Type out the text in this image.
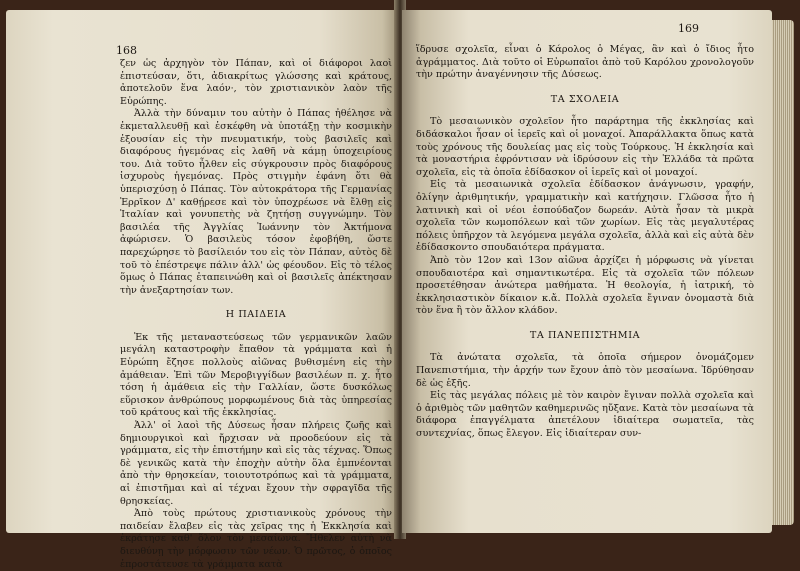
168

ζεν ὡς ἀρχηγὸν τὸν Πάπαν, καὶ οἱ διάφοροι λαοὶ ἐπιστεύσαν, ὅτι, ἀδιακρίτως γλώσσης καὶ κράτους, ἀποτελοῦν ἕνα λαόν·, τὸν χριστιανικὸν λαὸν τῆς Εὐρώπης.

Ἀλλὰ τὴν δύναμιν του αὐτὴν ὁ Πάπας ἠθέλησε νὰ ἐκμεταλλευθῇ καὶ ἐσκέφθη νὰ ὑποτάξῃ τὴν κοσμικὴν ἐξουσίαν εἰς τὴν πνευματικήν, τοὺς βασιλεῖς καὶ διαφόρους ἡγεμόνας εἰς λαθῆ νὰ κάμῃ ὑποχειρίους του. Διὰ τοῦτο ἦλθεν εἰς σύγκρουσιν πρὸς διαφόρους ἰσχυροὺς ἡγεμόνας. Πρὸς στιγμὴν ἐφάνη ὅτι θὰ ὑπερισχύσῃ ὁ Πάπας. Τὸν αὐτοκράτορα τῆς Γερμανίας Ἐρρῖκον Δ' καθῄρεσε καὶ τὸν ὑποχρέωσε νὰ ἔλθῃ εἰς Ἰταλίαν καὶ γονυπετὴς νὰ ζητήσῃ συγγνώμην. Τὸν βασιλέα τῆς Ἀγγλίας Ἰωάννην τὸν Ἀκτήμονα ἀφώρισεν. Ὁ βασιλεὺς τόσον ἐφοβήθη, ὥστε παρεχώρησε τὸ βασίλειόν του εἰς τὸν Πάπαν, αὐτὸς δὲ τοῦ τὸ ἐπέστρεψε πάλιν ἀλλ' ὡς φέουδον. Εἰς τὸ τέλος ὅμως ὁ Πάπας ἐταπεινώθη καὶ οἱ βασιλεῖς ἀπέκτησαν τὴν ἀνεξαρτησίαν των.

Η ΠΑΙΔΕΙΑ

Ἐκ τῆς μεταναστεύσεως τῶν γερμανικῶν λαῶν μεγάλη καταστροφὴν ἔπαθον τὰ γράμματα καὶ ἡ Εὐρώπη ἔζησε πολλοὺς αἰῶνας βυθισμένη εἰς τὴν ἀμάθειαν. Ἐπὶ τῶν Μεροβιγγίδων βασιλέων π. χ. ἦτο τόση ἡ ἀμάθεια εἰς τὴν Γαλλίαν, ὥστε δυσκόλως εὕρισκον ἀνθρώπους μορφωμένους διὰ τὰς ὑπηρεσίας τοῦ κράτους καὶ τῆς ἐκκλησίας.

Ἀλλ' οἱ λαοὶ τῆς Δύσεως ἦσαν πλήρεις ζωῆς καὶ δημιουργικοὶ καὶ ἤρχισαν νὰ προοδεύουν εἰς τὰ γράμματα, εἰς τὴν ἐπιστήμην καὶ εἰς τὰς τέχνας. Ὅπως δὲ γενικῶς κατὰ τὴν ἐποχὴν αὐτὴν ὅλα ἐμπνέονται ἀπὸ τὴν θρησκείαν, τοιουτοτρόπως καὶ τὰ γράμματα, αἱ ἐπιστῆμαι καὶ αἱ τέχναι ἔχουν τὴν σφραγῖδα τῆς θρησκείας.

Ἀπὸ τοὺς πρώτους χριστιανικοὺς χρόνους τὴν παιδείαν ἔλαβεν εἰς τὰς χεῖρας της ἡ Ἐκκλησία καὶ ἐκράτησε καθ' ὅλον τὸν μεσαίωνα. Ἤθελεν αὐτὴ νὰ διευθύνῃ τὴν μόρφωσιν τῶν νέων. Ὁ πρῶτος, ὁ ὁποῖος ἐπροστάτευσε τὰ γράμματα κατὰ

169

ἵδρυσε σχολεῖα, εἶναι ὁ Κάρολος ὁ Μέγας, ἂν καὶ ὁ ἴδιος ἦτο ἀγράμματος. Διὰ τοῦτο οἱ Εὐρωπαῖοι ἀπὸ τοῦ Καρόλου χρονολογοῦν τὴν πρώτην ἀναγέννησιν τῆς Δύσεως.

ΤΑ ΣΧΟΛΕΙΑ

Τὸ μεσαιωνικὸν σχολεῖον ἦτο παράρτημα τῆς ἐκκλησίας καὶ διδάσκαλοι ἦσαν οἱ ἱερεῖς καὶ οἱ μοναχοί. Ἀπαράλλακτα ὅπως κατὰ τοὺς χρόνους τῆς δουλείας μας εἰς τοὺς Τούρκους. Ἡ ἐκκλησία καὶ τὰ μοναστήρια ἐφρόντισαν νὰ ἱδρύσουν εἰς τὴν Ἑλλάδα τὰ πρῶτα σχολεῖα, εἰς τὰ ὁποῖα ἐδίδασκον οἱ ἱερεῖς καὶ οἱ μοναχοί.

Εἰς τὰ μεσαιωνικὰ σχολεῖα ἐδίδασκον ἀνάγνωσιν, γραφήν, ὀλίγην ἀριθμητικήν, γραμματικὴν καὶ κατήχησιν. Γλῶσσα ἦτο ἡ λατινικὴ καὶ οἱ νέοι ἐσπούδαζον δωρεάν. Αὐτὰ ἦσαν τὰ μικρὰ σχολεῖα τῶν κωμοπόλεων καὶ τῶν χωρίων. Εἰς τὰς μεγαλυτέρας πόλεις ὑπῆρχον τὰ λεγόμενα μεγάλα σχολεῖα, ἀλλὰ καὶ εἰς αὐτὰ δὲν ἐδίδασκοντο σπουδαιότερα πράγματα.

Ἀπὸ τὸν 12ον καὶ 13ον αἰῶνα ἀρχίζει ἡ μόρφωσις νὰ γίνεται σπουδαιοτέρα καὶ σημαντικωτέρα. Εἰς τὰ σχολεῖα τῶν πόλεων προσετέθησαν ἀνώτερα μαθήματα. Ἡ θεολογία, ἡ ἰατρική, τὸ ἐκκλησιαστικὸν δίκαιον κ.ἄ. Πολλὰ σχολεῖα ἔγιναν ὀνομαστὰ διὰ τὸν ἕνα ἢ τὸν ἄλλον κλάδον.

ΤΑ ΠΑΝΕΠΙΣΤΗΜΙΑ

Τὰ ἀνώτατα σχολεῖα, τὰ ὁποῖα σήμερον ὀνομάζομεν Πανεπιστήμια, τὴν ἀρχήν των ἔχουν ἀπὸ τὸν μεσαίωνα. Ἱδρύθησαν δὲ ὡς ἑξῆς.

Εἰς τὰς μεγάλας πόλεις μὲ τὸν καιρὸν ἔγιναν πολλὰ σχολεῖα καὶ ὁ ἀριθμὸς τῶν μαθητῶν καθημερινῶς ηὔξανε. Κατὰ τὸν μεσαίωνα τὰ διάφορα ἐπαγγέλματα ἀπετέλουν ἰδιαίτερα σωματεῖα, τὰς συντεχνίας, ὅπως ἔλεγον. Εἰς ἰδιαίτεραν συν-
